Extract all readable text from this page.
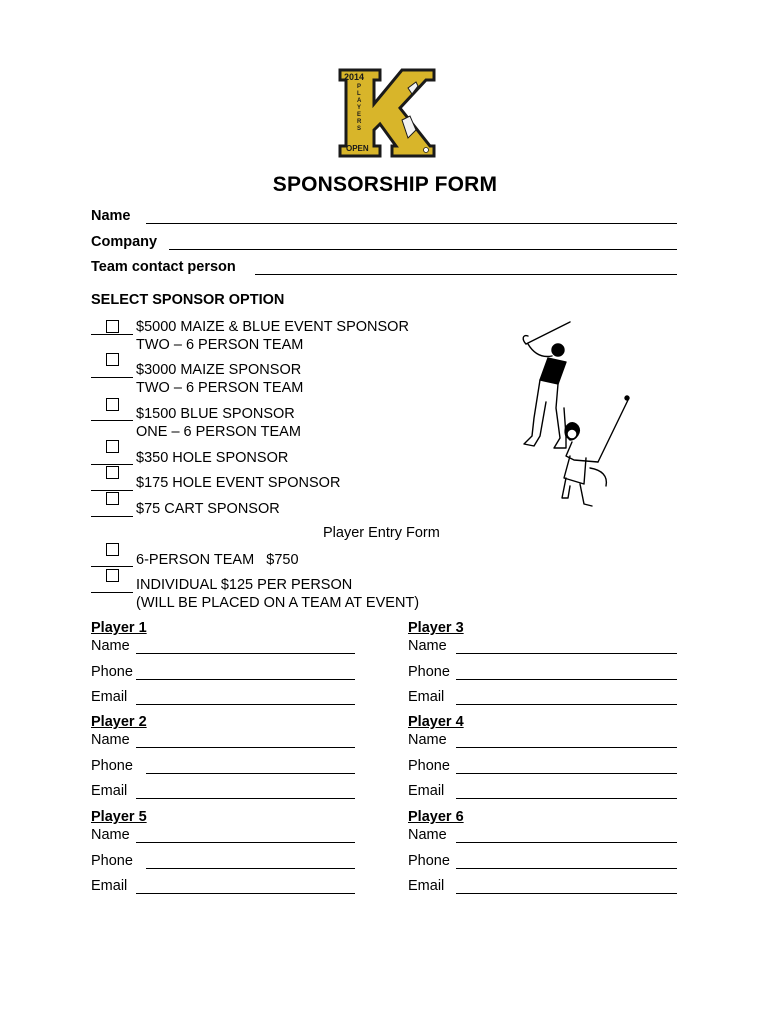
2014
PLAYERS
OPEN
SPONSORSHIP FORM
Name
Company
Team contact person
SELECT SPONSOR OPTION
$5000 MAIZE & BLUE EVENT SPONSOR
TWO – 6 PERSON TEAM
$3000 MAIZE SPONSOR
TWO – 6 PERSON TEAM
$1500 BLUE SPONSOR
ONE – 6 PERSON TEAM
$350 HOLE SPONSOR
$175 HOLE EVENT SPONSOR
$75 CART SPONSOR
Player Entry Form
6-PERSON TEAM   $750
INDIVIDUAL $125 PER PERSON
(WILL BE PLACED ON A TEAM AT EVENT)
Player 1
Name
Phone
Email
Player 3
Name
Phone
Email
Player 2
Name
Phone
Email
Player 4
Name
Phone
Email
Player 5
Name
Phone
Email
Player 6
Name
Phone
Email
